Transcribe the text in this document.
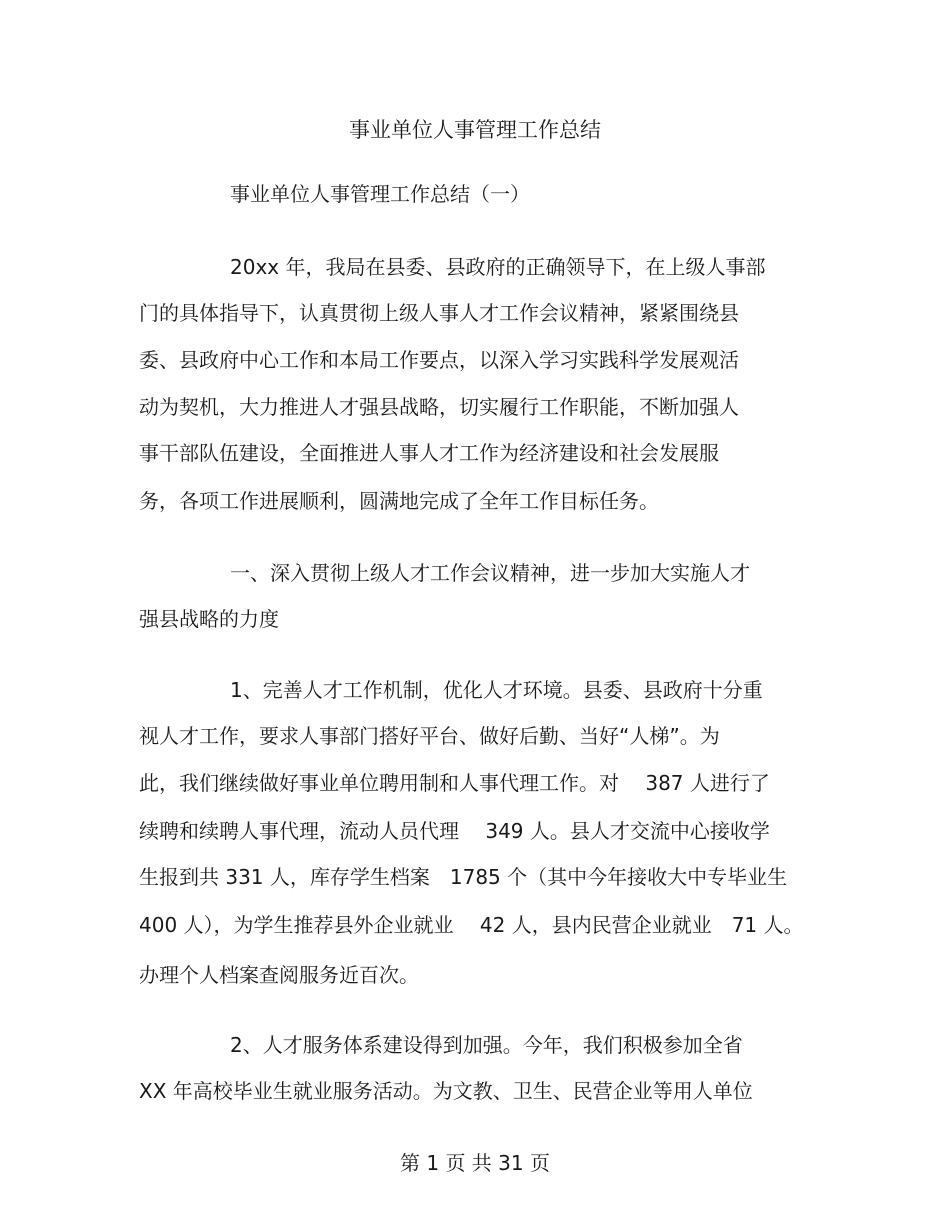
事业单位人事管理工作总结
事业单位人事管理工作总结（一）
20xx 年，我局在县委、县政府的正确领导下，在上级人事部
门的具体指导下，认真贯彻上级人事人才工作会议精神，紧紧围绕县
委、县政府中心工作和本局工作要点，以深入学习实践科学发展观活
动为契机，大力推进人才强县战略，切实履行工作职能，不断加强人
事干部队伍建设，全面推进人事人才工作为经济建设和社会发展服
务，各项工作进展顺利，圆满地完成了全年工作目标任务。
一、深入贯彻上级人才工作会议精神，进一步加大实施人才
强县战略的力度
1、完善人才工作机制，优化人才环境。县委、县政府十分重
视人才工作，要求人事部门搭好平台、做好后勤、当好“人梯”。为
此，我们继续做好事业单位聘用制和人事代理工作。对　 387 人进行了
续聘和续聘人事代理，流动人员代理　 349 人。县人才交流中心接收学
生报到共 331 人，库存学生档案　1785 个（其中今年接收大中专毕业生
400 人），为学生推荐县外企业就业　 42 人，县内民营企业就业　71 人。
办理个人档案查阅服务近百次。
2、人才服务体系建设得到加强。今年，我们积极参加全省
XX 年高校毕业生就业服务活动。为文教、卫生、民营企业等用人单位
第 1 页 共 31 页
